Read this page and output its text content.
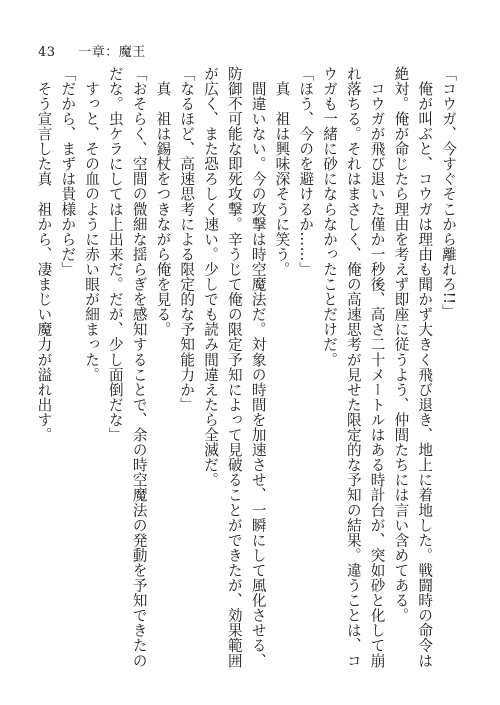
43 一章：魔王
「コウガ、今すぐそこから離れろ!!」
　俺が叫ぶと、コウガは理由も聞かず大きく飛び退き、地上に着地した。戦闘時の命令は
絶対。俺が命じたら理由を考えず即座に従うよう、仲間たちには言い含めてある。
　コウガが飛び退いた僅か一秒後、高さ二十メートルはある時計台が、突如砂と化して崩
れ落ちる。それはまさしく、俺の高速思考が見せた限定的な予知の結果。違うことは、コ
ウガも一緒に砂にならなかったことだけだ。
「ほう、今のを避けるか……」
　真　祖は興味深そうに笑う。
　間違いない。今の攻撃は時空魔法だ。対象の時間を加速させ、一瞬にして風化させる、
防御不可能な即死攻撃。辛うじて俺の限定予知によって見破ることができたが、効果範囲
が広く、また恐ろしく速い。少しでも読み間違えたら全滅だ。
「なるほど、高速思考による限定的な予知能力か」
　真　祖は錫杖をつきながら俺を見る。
「おそらく、空間の微細な揺らぎを感知することで、余の時空魔法の発動を予知できたの
だな。虫ケラにしては上出来だ。だが、少し面倒だな」
　すっと、その血のように赤い眼が細まった。
「だから、まずは貴様からだ」
　そう宣言した真　祖から、凄まじい魔力が溢れ出す。
